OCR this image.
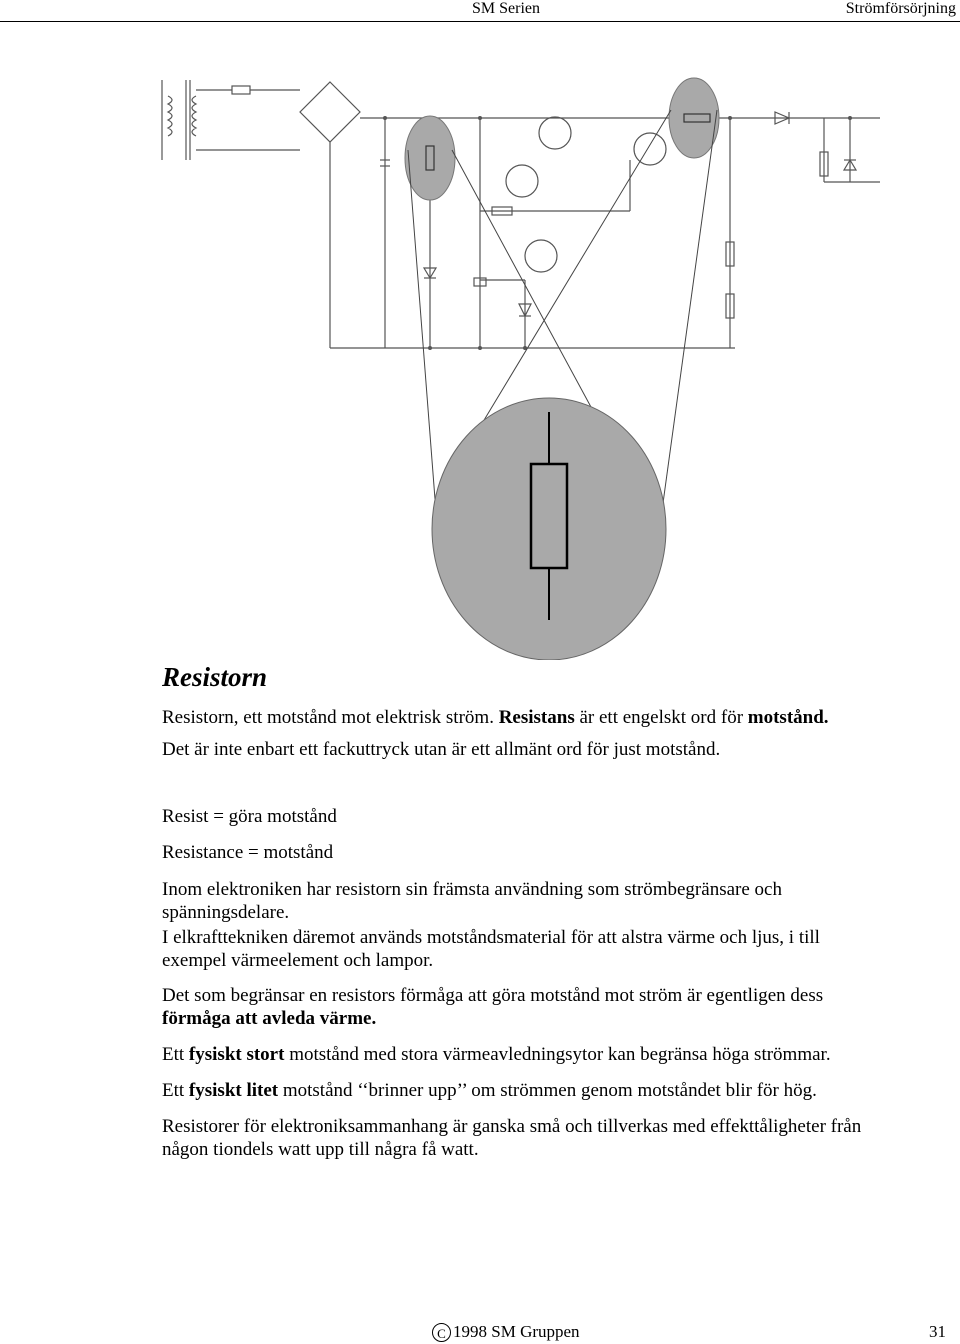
SM Serien	Strömförsörjning
Resistorn

Resistorn, ett motstånd mot elektrisk ström. Resistans är ett engelskt ord för motstånd.

Det är inte enbart ett fackuttryck utan är ett allmänt ord för just motstånd.

Resist = göra motstånd

Resistance = motstånd

Inom elektroniken har resistorn sin främsta användning som strömbegränsare och spänningsdelare.

I elkrafttekniken däremot används motståndsmaterial för att alstra värme och ljus, i till exempel värmeelement och lampor.

Det som begränsar en resistors förmåga att göra motstånd mot ström är egentligen dess förmåga att avleda värme.

Ett fysiskt stort motstånd med stora värmeavledningsytor kan begränsa höga strömmar.

Ett fysiskt litet motstånd ‘‘brinner upp’’ om strömmen genom motståndet blir för hög.

Resistorer för elektroniksammanhang är ganska små och tillverkas med effekttåligheter från någon tiondels watt upp till några få watt.

C 1998 SM Gruppen	31
